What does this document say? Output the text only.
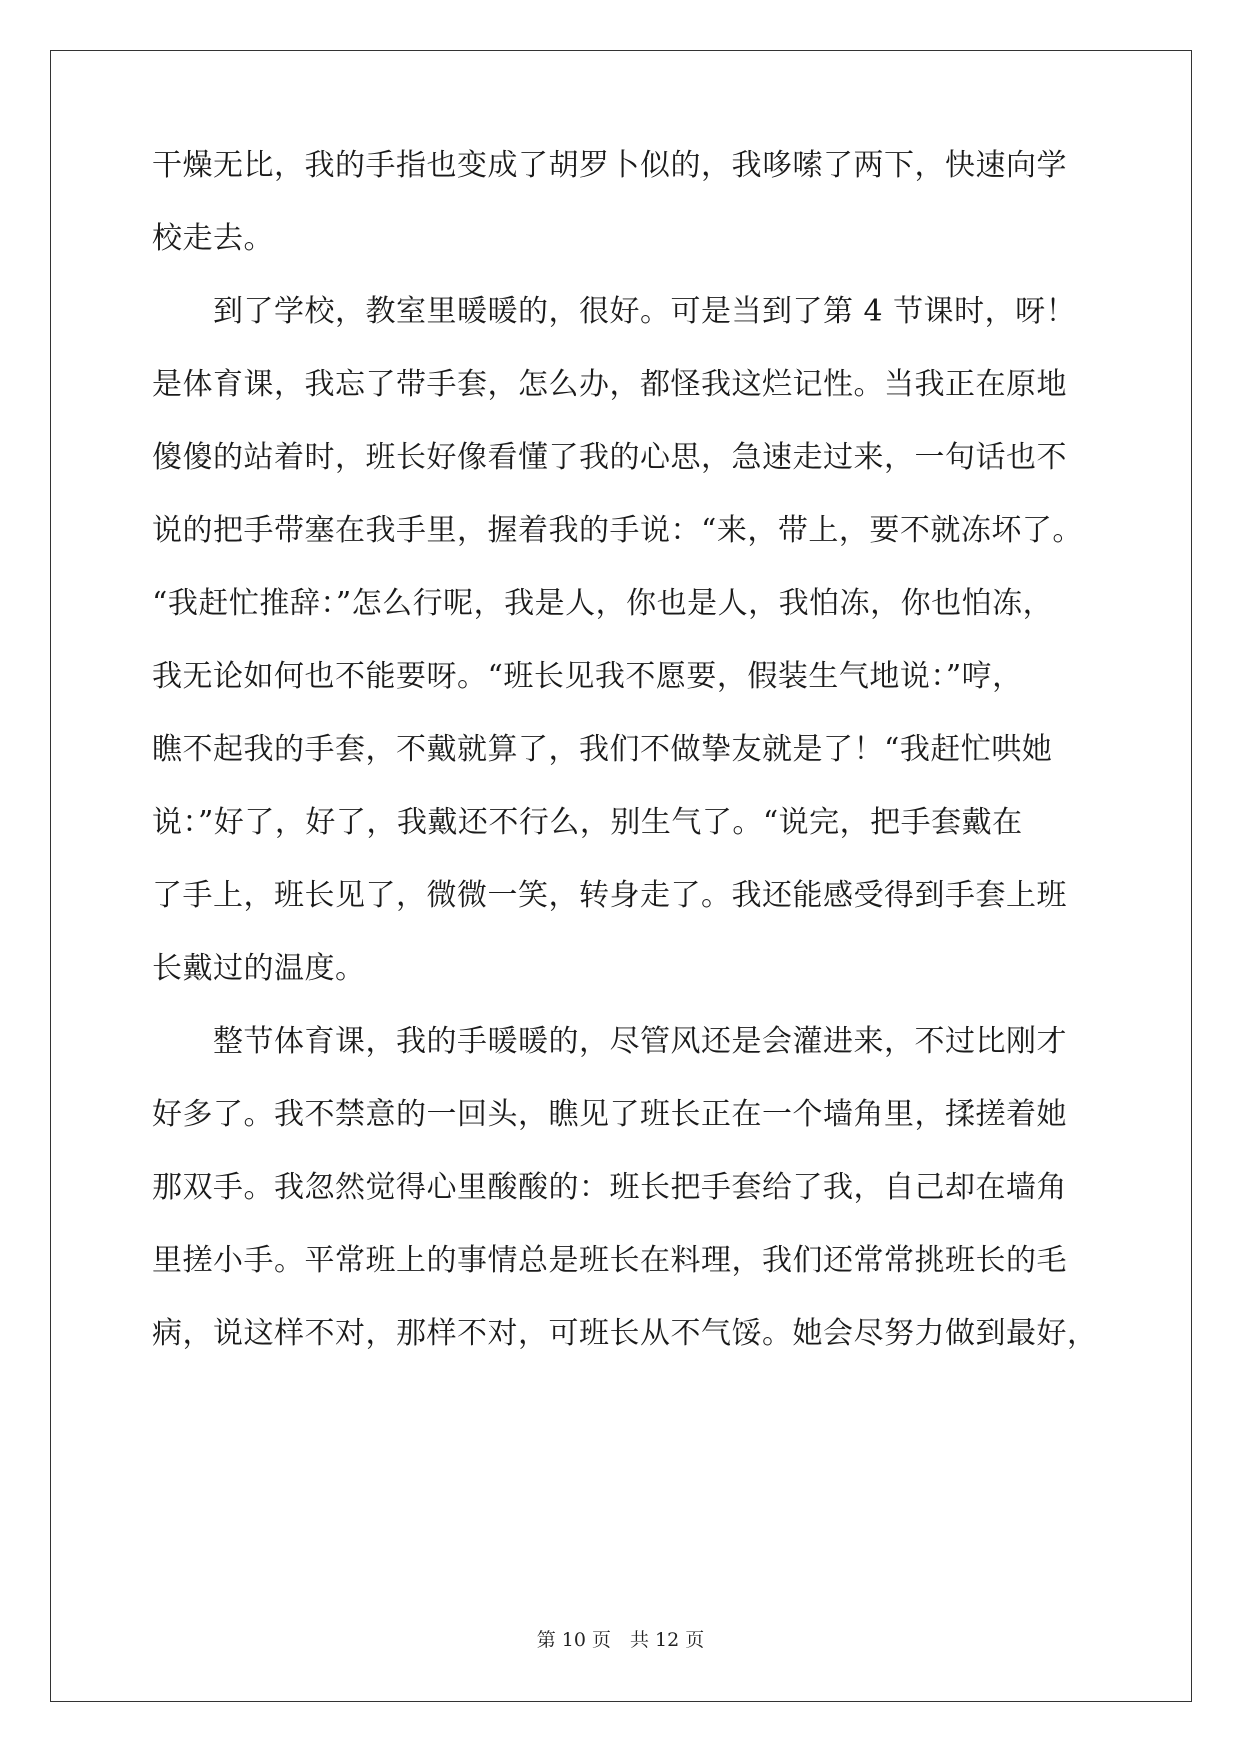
干燥无比，我的手指也变成了胡罗卜似的，我哆嗦了两下，快速向学
校走去。
　　到了学校，教室里暖暖的，很好。可是当到了第 4 节课时，呀！
是体育课，我忘了带手套，怎么办，都怪我这烂记性。当我正在原地
傻傻的站着时，班长好像看懂了我的心思，急速走过来，一句话也不
说的把手带塞在我手里，握着我的手说：“来，带上，要不就冻坏了。
“我赶忙推辞：”怎么行呢，我是人，你也是人，我怕冻，你也怕冻，
我无论如何也不能要呀。“班长见我不愿要，假装生气地说：”哼，
瞧不起我的手套，不戴就算了，我们不做挚友就是了！“我赶忙哄她
说：”好了，好了，我戴还不行么，别生气了。“说完，把手套戴在
了手上，班长见了，微微一笑，转身走了。我还能感受得到手套上班
长戴过的温度。
　　整节体育课，我的手暖暖的，尽管风还是会灌进来，不过比刚才
好多了。我不禁意的一回头，瞧见了班长正在一个墙角里，揉搓着她
那双手。我忽然觉得心里酸酸的：班长把手套给了我，自己却在墙角
里搓小手。平常班上的事情总是班长在料理，我们还常常挑班长的毛
病，说这样不对，那样不对，可班长从不气馁。她会尽努力做到最好，
第 10 页　共 12 页
